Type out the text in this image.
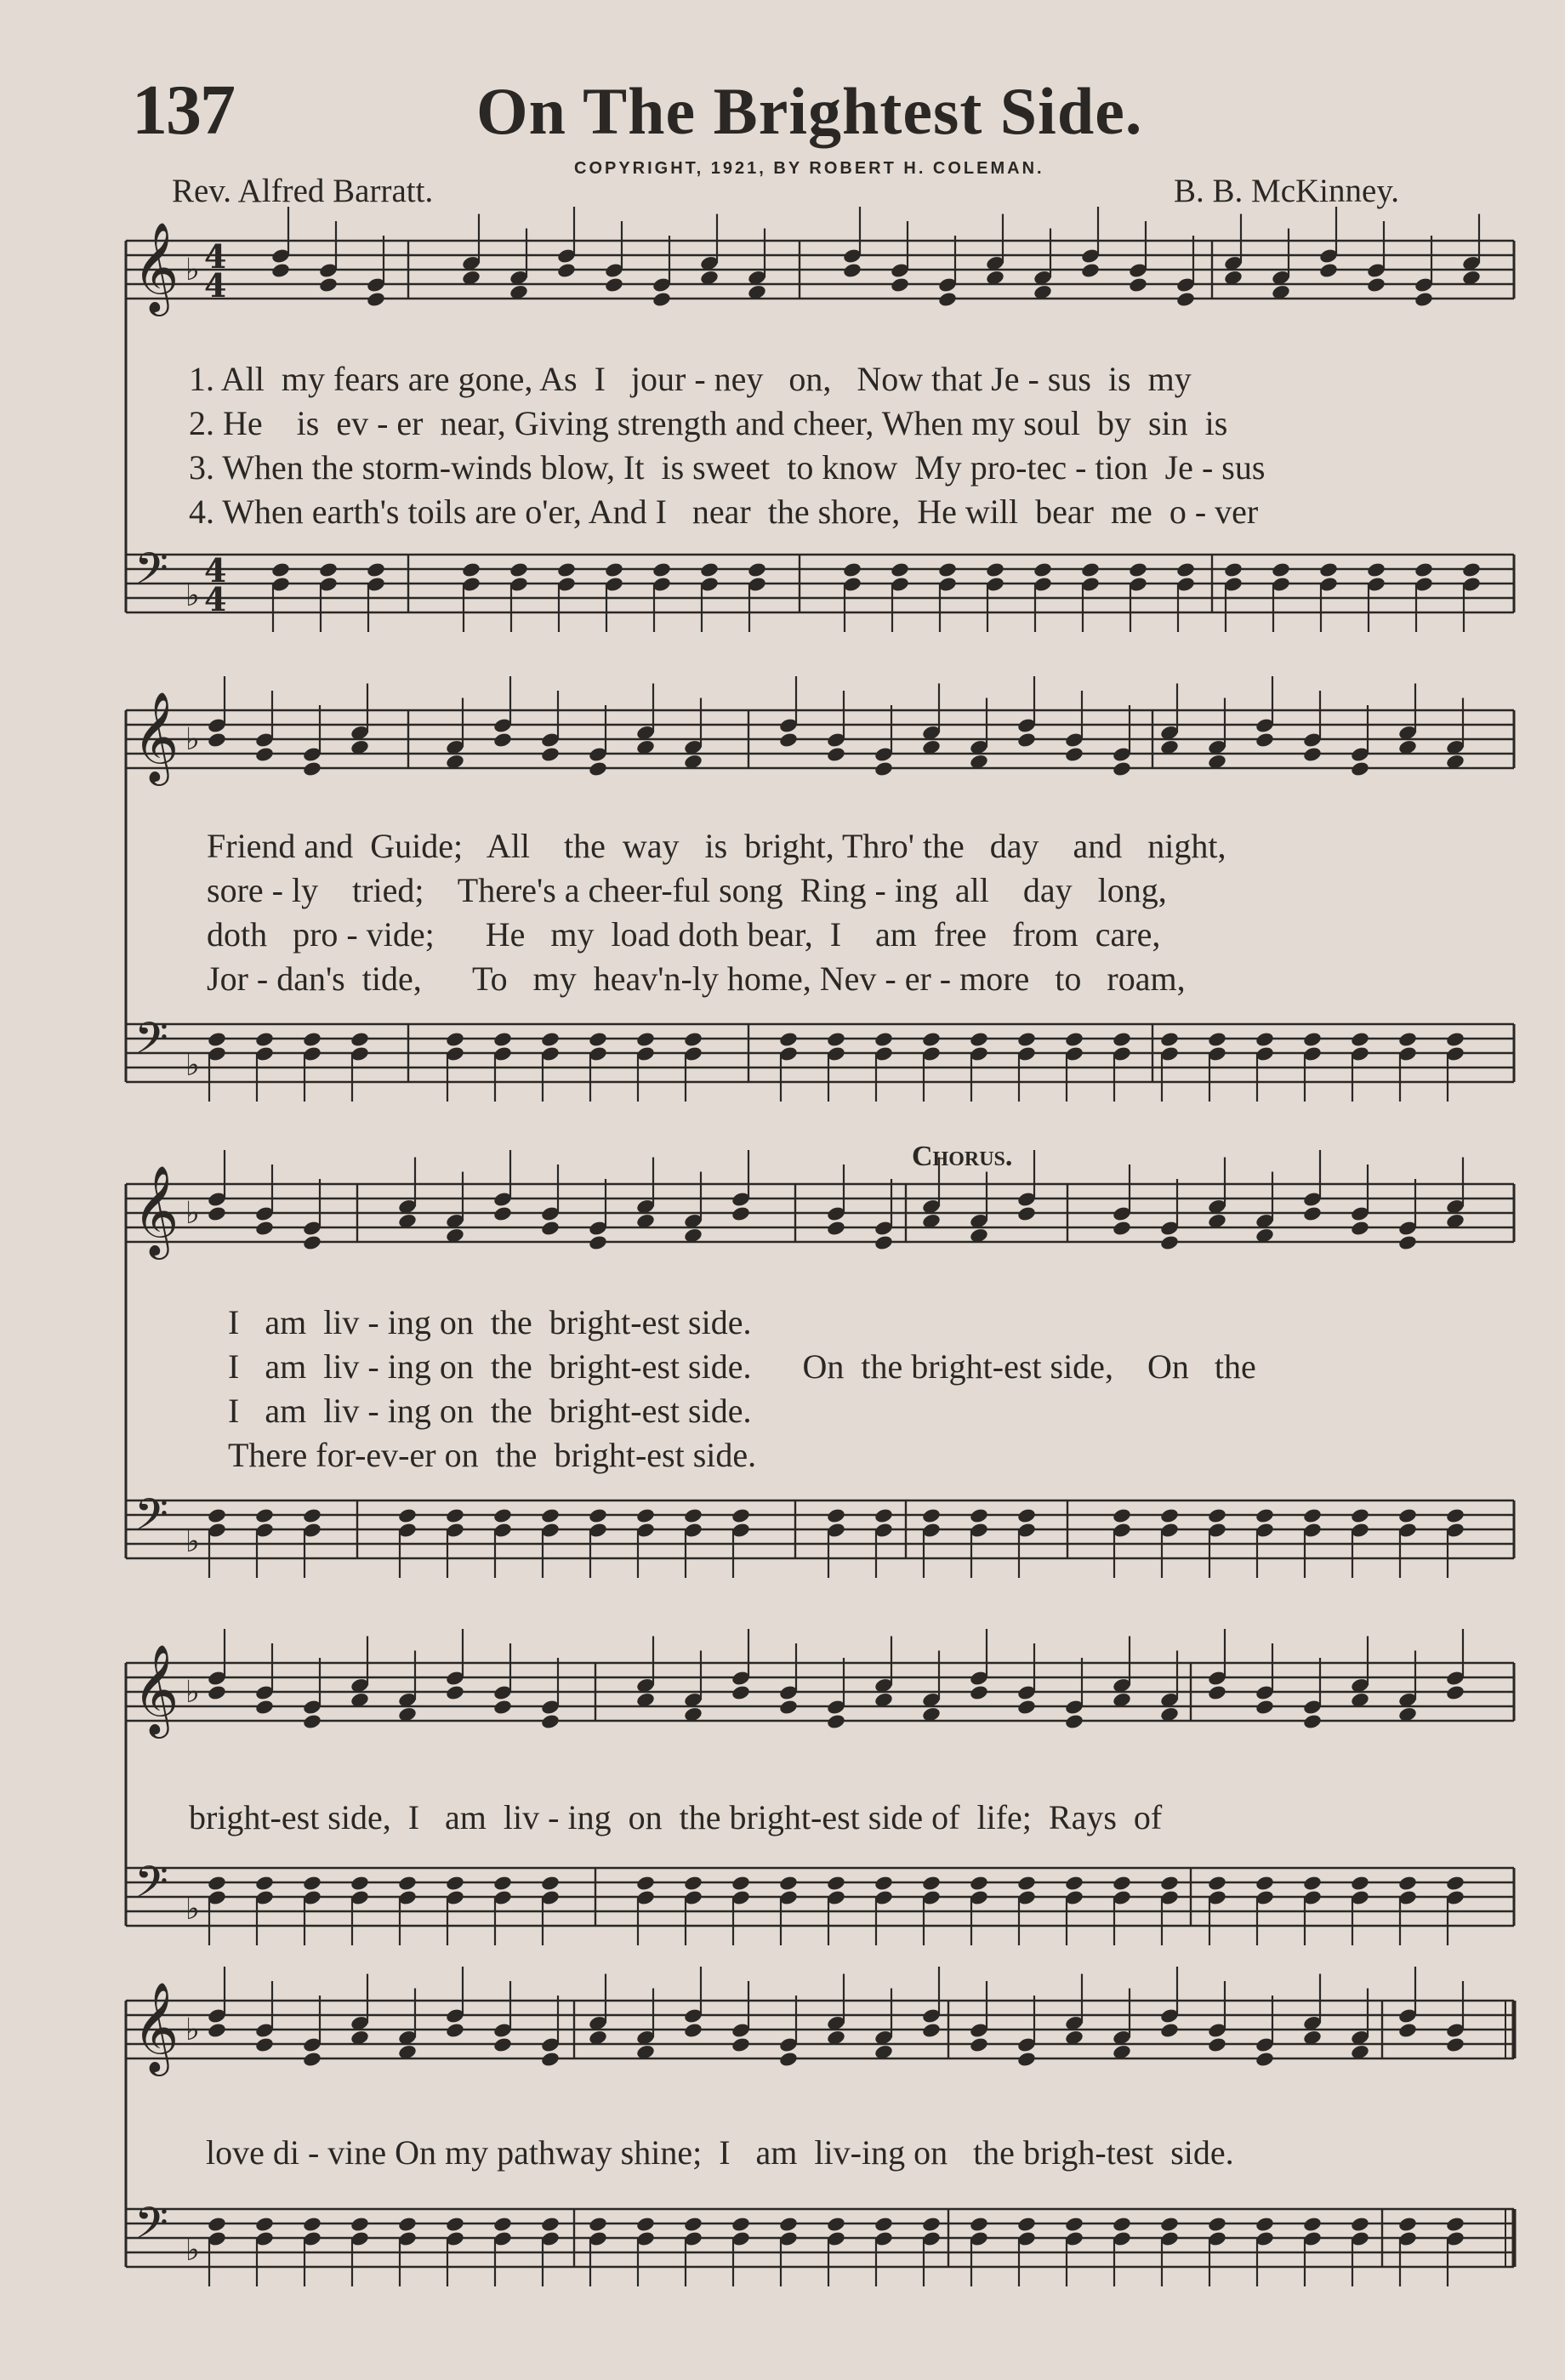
137	On The Brightest Side.
COPYRIGHT, 1921, BY ROBERT H. COLEMAN.
Rev. Alfred Barratt.	B. B. McKinney.
𝄞
𝄢
♭
♭
4
4
4
4
𝄞
𝄢
♭
♭
𝄞
𝄢
♭
♭
𝄞
𝄢
♭
♭
𝄞
𝄢
♭
♭
1. All  my fears are gone, As  I   jour - ney   on,   Now that Je - sus  is  my
2. He    is  ev - er  near, Giving strength and cheer, When my soul  by  sin  is
3. When the storm-winds blow, It  is sweet  to know  My pro-tec - tion  Je - sus
4. When earth's toils are o'er, And I   near  the shore,  He will  bear  me  o - ver
Friend and  Guide;   All    the  way   is  bright, Thro' the   day    and   night,
sore - ly    tried;    There's a cheer-ful song  Ring - ing  all    day   long,
doth   pro - vide;      He   my  load doth bear,  I    am  free   from  care,
Jor - dan's  tide,      To   my  heav'n-ly home, Nev - er - more   to   roam,
Chorus.
I   am  liv - ing on  the  bright-est side.
I   am  liv - ing on  the  bright-est side.      On  the bright-est side,    On   the
I   am  liv - ing on  the  bright-est side.
There for-ev-er on  the  bright-est side.
bright-est side,  I   am  liv - ing  on  the bright-est side of  life;  Rays  of
love di - vine On my pathway shine;  I   am  liv-ing on   the brigh-test  side.
